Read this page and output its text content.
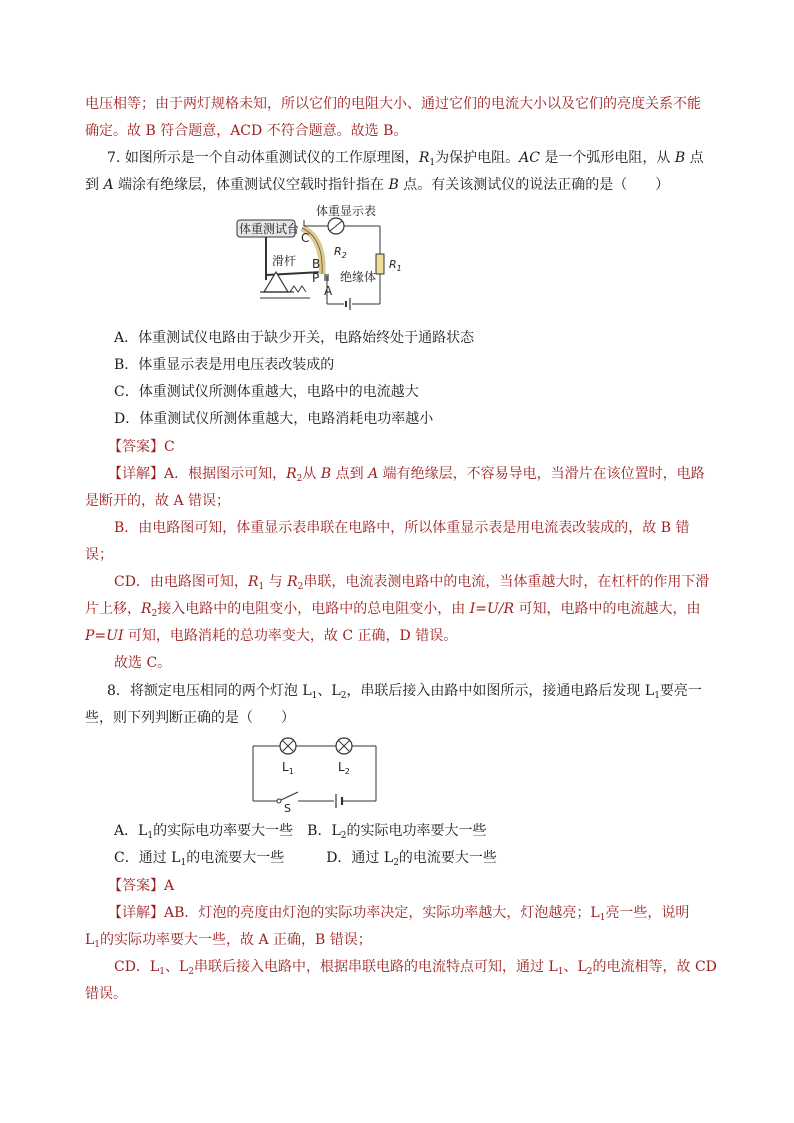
电压相等；由于两灯规格未知，所以它们的电阻大小、通过它们的电流大小以及它们的亮度关系不能
确定。故 B 符合题意，ACD 不符合题意。故选 B。
7. 如图所示是一个自动体重测试仪的工作原理图，$R_1$为保护电阻。AC 是一个弧形电阻，从 B 点
到 A 端涂有绝缘层，体重测试仪空载时指针指在 B 点。有关该测试仪的说法正确的是（　　）
体重测试台
滑杆
C
$R_2$
B
P
A
绝缘体
体重显示表
$R_1$
A．体重测试仪电路由于缺少开关，电路始终处于通路状态
B．体重显示表是用电压表改装成的
C．体重测试仪所测体重越大，电路中的电流越大
D．体重测试仪所测体重越大，电路消耗电功率越小
【答案】C
【详解】A．根据图示可知，$R_2$从 B 点到 A 端有绝缘层，不容易导电，当滑片在该位置时，电路
是断开的，故 A 错误；
B．由电路图可知，体重显示表串联在电路中，所以体重显示表是用电流表改装成的，故 B 错
误；
CD．由电路图可知，$R_1$ 与 $R_2$串联，电流表测电路中的电流，当体重越大时，在杠杆的作用下滑
片上移，$R_2$接入电路中的电阻变小，电路中的总电阻变小，由 I=U/R 可知，电路中的电流越大，由
P=UI 可知，电路消耗的总功率变大，故 C 正确，D 错误。
故选 C。
8．将额定电压相同的两个灯泡 $L_1$、$L_2$，串联后接入由路中如图所示，接通电路后发现 $L_1$要亮一
些，则下列判断正确的是（　　）
$L_1$	$L_2$
S
A．$L_1$的实际电功率要大一些　 B．$L_2$的实际电功率要大一些
C．通过 $L_1$的电流要大一些　　　	D．通过 $L_2$的电流要大一些
【答案】A
【详解】AB．灯泡的亮度由灯泡的实际功率决定，实际功率越大，灯泡越亮；$L_1$亮一些，说明
$L_1$的实际功率要大一些，故 A 正确，B 错误；
CD．$L_1$、$L_2$串联后接入电路中，根据串联电路的电流特点可知，通过 $L_1$、$L_2$的电流相等，故 CD
错误。
